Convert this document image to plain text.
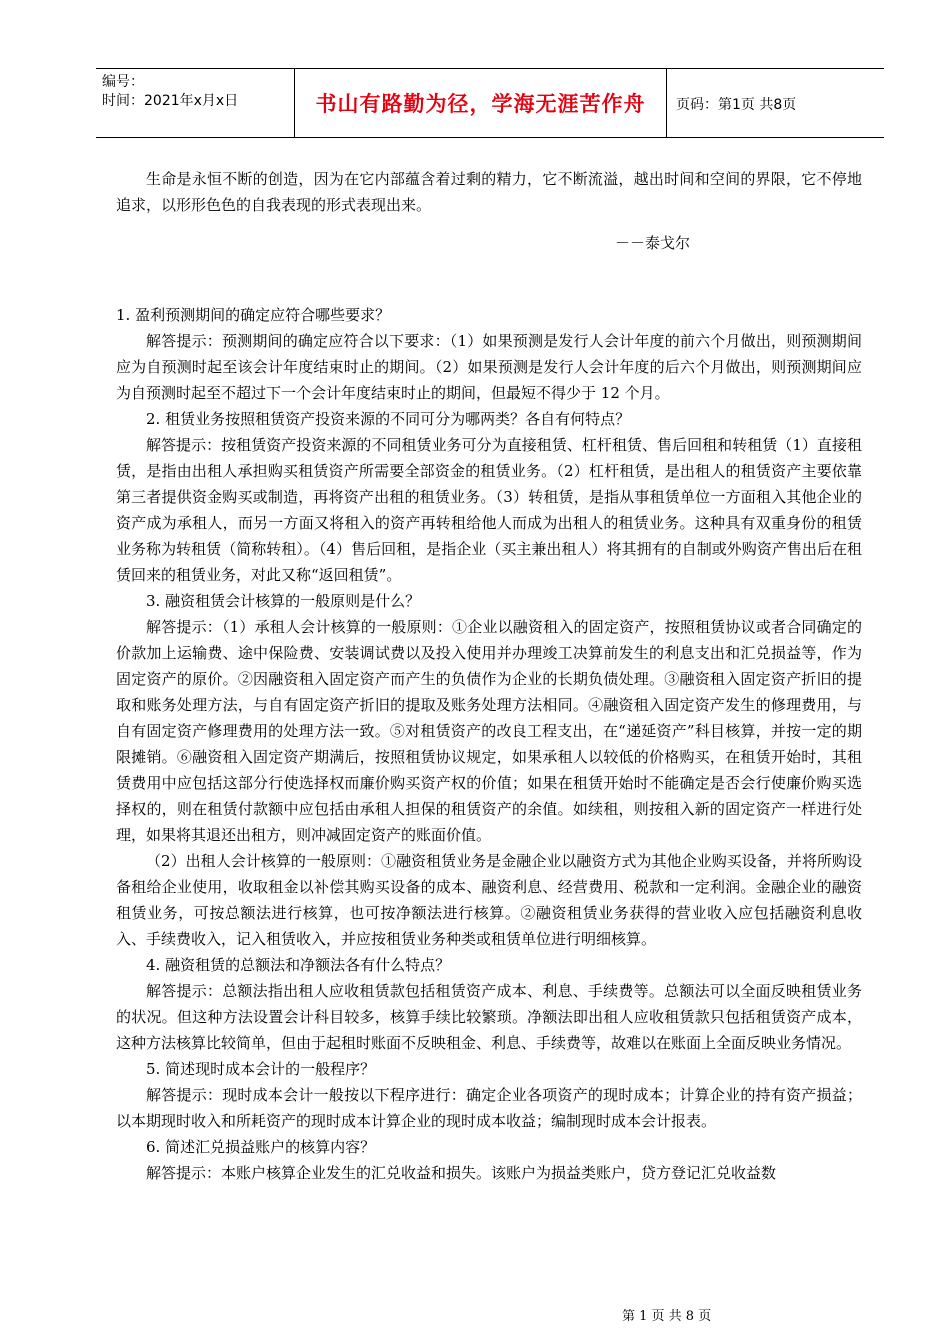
编号：
时间：2021年x月x日	书山有路勤为径，学海无涯苦作舟	页码：第1页 共8页

生命是永恒不断的创造，因为在它内部蕴含着过剩的精力，它不断流溢，越出时间和空间的界限，它不停地追求，以形形色色的自我表现的形式表现出来。

－－泰戈尔

1. 盈利预测期间的确定应符合哪些要求？

解答提示：预测期间的确定应符合以下要求：（1）如果预测是发行人会计年度的前六个月做出，则预测期间应为自预测时起至该会计年度结束时止的期间。（2）如果预测是发行人会计年度的后六个月做出，则预测期间应为自预测时起至不超过下一个会计年度结束时止的期间，但最短不得少于 12 个月。

2. 租赁业务按照租赁资产投资来源的不同可分为哪两类？各自有何特点？

解答提示：按租赁资产投资来源的不同租赁业务可分为直接租赁、杠杆租赁、售后回租和转租赁（1）直接租赁，是指由出租人承担购买租赁资产所需要全部资金的租赁业务。（2）杠杆租赁，是出租人的租赁资产主要依靠第三者提供资金购买或制造，再将资产出租的租赁业务。（3）转租赁，是指从事租赁单位一方面租入其他企业的资产成为承租人，而另一方面又将租入的资产再转租给他人而成为出租人的租赁业务。这种具有双重身份的租赁业务称为转租赁（简称转租）。（4）售后回租，是指企业（买主兼出租人）将其拥有的自制或外购资产售出后在租赁回来的租赁业务，对此又称“返回租赁”。

3. 融资租赁会计核算的一般原则是什么？

解答提示：（1）承租人会计核算的一般原则：①企业以融资租入的固定资产，按照租赁协议或者合同确定的价款加上运输费、途中保险费、安装调试费以及投入使用并办理竣工决算前发生的利息支出和汇兑损益等，作为固定资产的原价。②因融资租入固定资产而产生的负债作为企业的长期负债处理。③融资租入固定资产折旧的提取和账务处理方法，与自有固定资产折旧的提取及账务处理方法相同。④融资租入固定资产发生的修理费用，与自有固定资产修理费用的处理方法一致。⑤对租赁资产的改良工程支出，在“递延资产”科目核算，并按一定的期限摊销。⑥融资租入固定资产期满后，按照租赁协议规定，如果承租人以较低的价格购买，在租赁开始时，其租赁费用中应包括这部分行使选择权而廉价购买资产权的价值；如果在租赁开始时不能确定是否会行使廉价购买选择权的，则在租赁付款额中应包括由承租人担保的租赁资产的余值。如续租，则按租入新的固定资产一样进行处理，如果将其退还出租方，则冲减固定资产的账面价值。

（2）出租人会计核算的一般原则：①融资租赁业务是金融企业以融资方式为其他企业购买设备，并将所购设备租给企业使用，收取租金以补偿其购买设备的成本、融资利息、经营费用、税款和一定利润。金融企业的融资租赁业务，可按总额法进行核算，也可按净额法进行核算。②融资租赁业务获得的营业收入应包括融资利息收入、手续费收入，记入租赁收入，并应按租赁业务种类或租赁单位进行明细核算。

4. 融资租赁的总额法和净额法各有什么特点？

解答提示：总额法指出租人应收租赁款包括租赁资产成本、利息、手续费等。总额法可以全面反映租赁业务的状况。但这种方法设置会计科目较多，核算手续比较繁琐。净额法即出租人应收租赁款只包括租赁资产成本，这种方法核算比较简单，但由于起租时账面不反映租金、利息、手续费等，故难以在账面上全面反映业务情况。

5. 简述现时成本会计的一般程序？

解答提示：现时成本会计一般按以下程序进行：确定企业各项资产的现时成本；计算企业的持有资产损益；以本期现时收入和所耗资产的现时成本计算企业的现时成本收益；编制现时成本会计报表。

6. 简述汇兑损益账户的核算内容？

解答提示：本账户核算企业发生的汇兑收益和损失。该账户为损益类账户，贷方登记汇兑收益数

第 1 页 共 8 页
